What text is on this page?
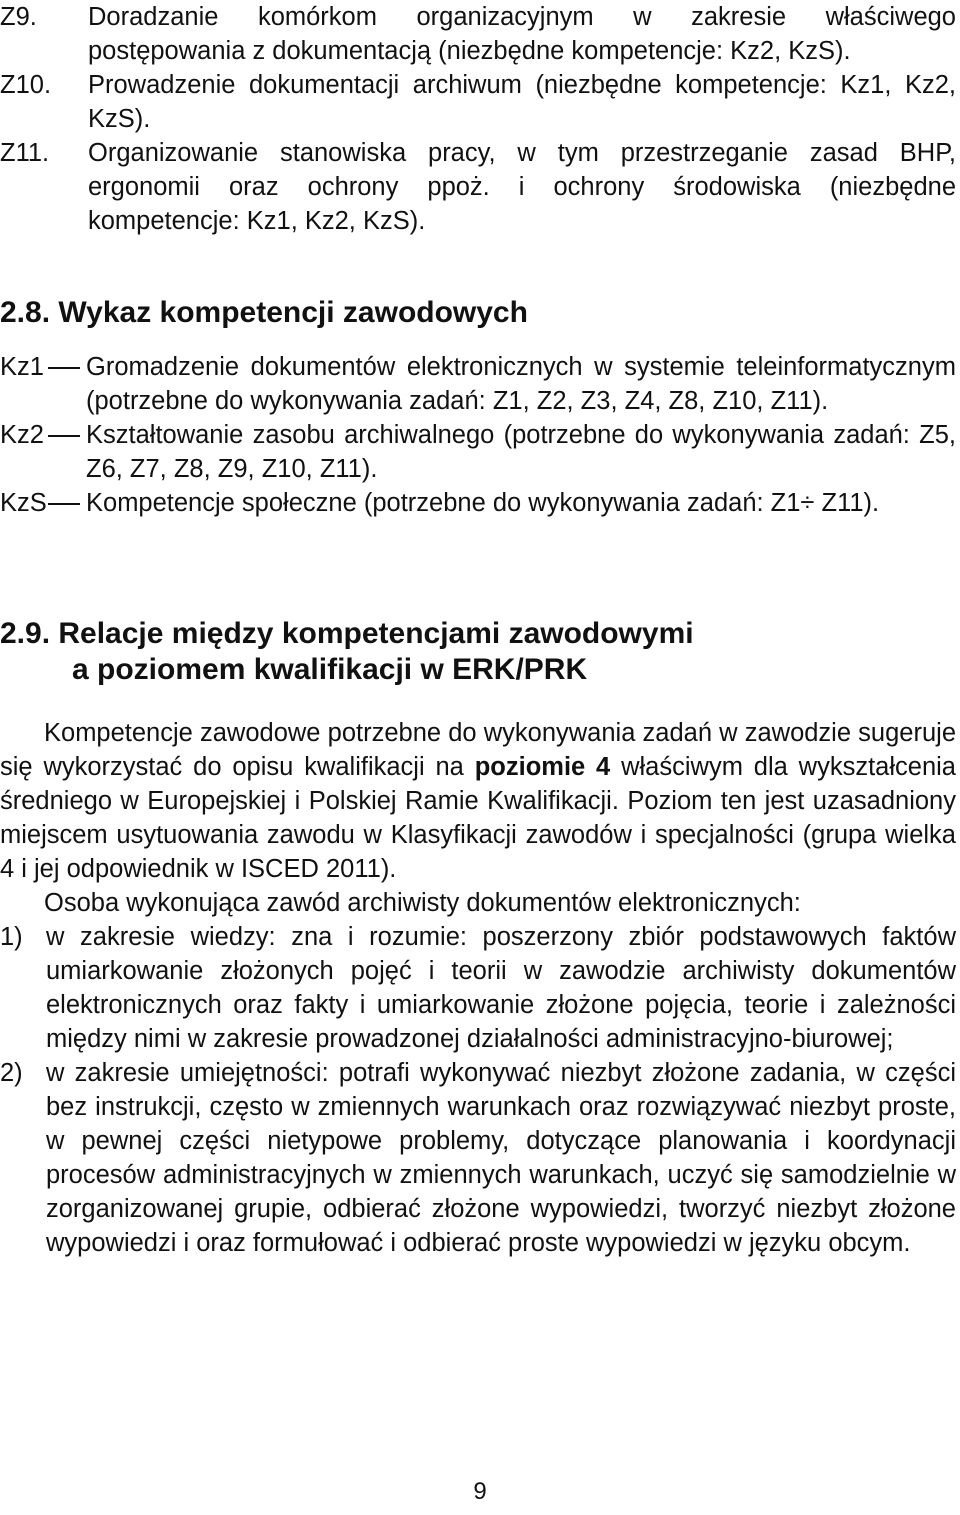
Z9.	Doradzanie komórkom organizacyjnym w zakresie właściwego postępowania z dokumentacją (niezbędne kompetencje: Kz2, KzS).
Z10.	Prowadzenie dokumentacji archiwum (niezbędne kompetencje: Kz1, Kz2, KzS).
Z11.	Organizowanie stanowiska pracy, w tym przestrzeganie zasad BHP, ergonomii oraz ochrony ppoż. i ochrony środowiska (niezbędne kompetencje: Kz1, Kz2, KzS).
2.8. Wykaz kompetencji zawodowych
Kz1	Gromadzenie dokumentów elektronicznych w systemie teleinformatycznym (potrzebne do wykonywania zadań: Z1, Z2, Z3, Z4, Z8, Z10, Z11).
Kz2	Kształtowanie zasobu archiwalnego (potrzebne do wykonywania zadań: Z5, Z6, Z7, Z8, Z9, Z10, Z11).
KzS	Kompetencje społeczne (potrzebne do wykonywania zadań: Z1÷ Z11).
2.9. Relacje między kompetencjami zawodowymi
a poziomem kwalifikacji w ERK/PRK

Kompetencje zawodowe potrzebne do wykonywania zadań w zawodzie sugeruje się wykorzystać do opisu kwalifikacji na poziomie 4 właściwym dla wykształcenia średniego w Europejskiej i Polskiej Ramie Kwalifikacji. Poziom ten jest uzasadniony miejscem usytuowania zawodu w Klasyfikacji zawodów i specjalności (grupa wielka 4 i jej odpowiednik w ISCED 2011).

Osoba wykonująca zawód archiwisty dokumentów elektronicznych:

1) w zakresie wiedzy: zna i rozumie: poszerzony zbiór podstawowych faktów umiarkowanie złożonych pojęć i teorii w zawodzie archiwisty dokumentów elektronicznych oraz fakty i umiarkowanie złożone pojęcia, teorie i zależności między nimi w zakresie prowadzonej działalności administracyjno-biurowej;
2) w zakresie umiejętności: potrafi wykonywać niezbyt złożone zadania, w części bez instrukcji, często w zmiennych warunkach oraz rozwiązywać niezbyt proste, w pewnej części nietypowe problemy, dotyczące planowania i koordynacji procesów administracyjnych w zmiennych warunkach, uczyć się samodzielnie w zorganizowanej grupie, odbierać złożone wypowiedzi, tworzyć niezbyt złożone wypowiedzi i oraz formułować i odbierać proste wypowiedzi w języku obcym.
9
